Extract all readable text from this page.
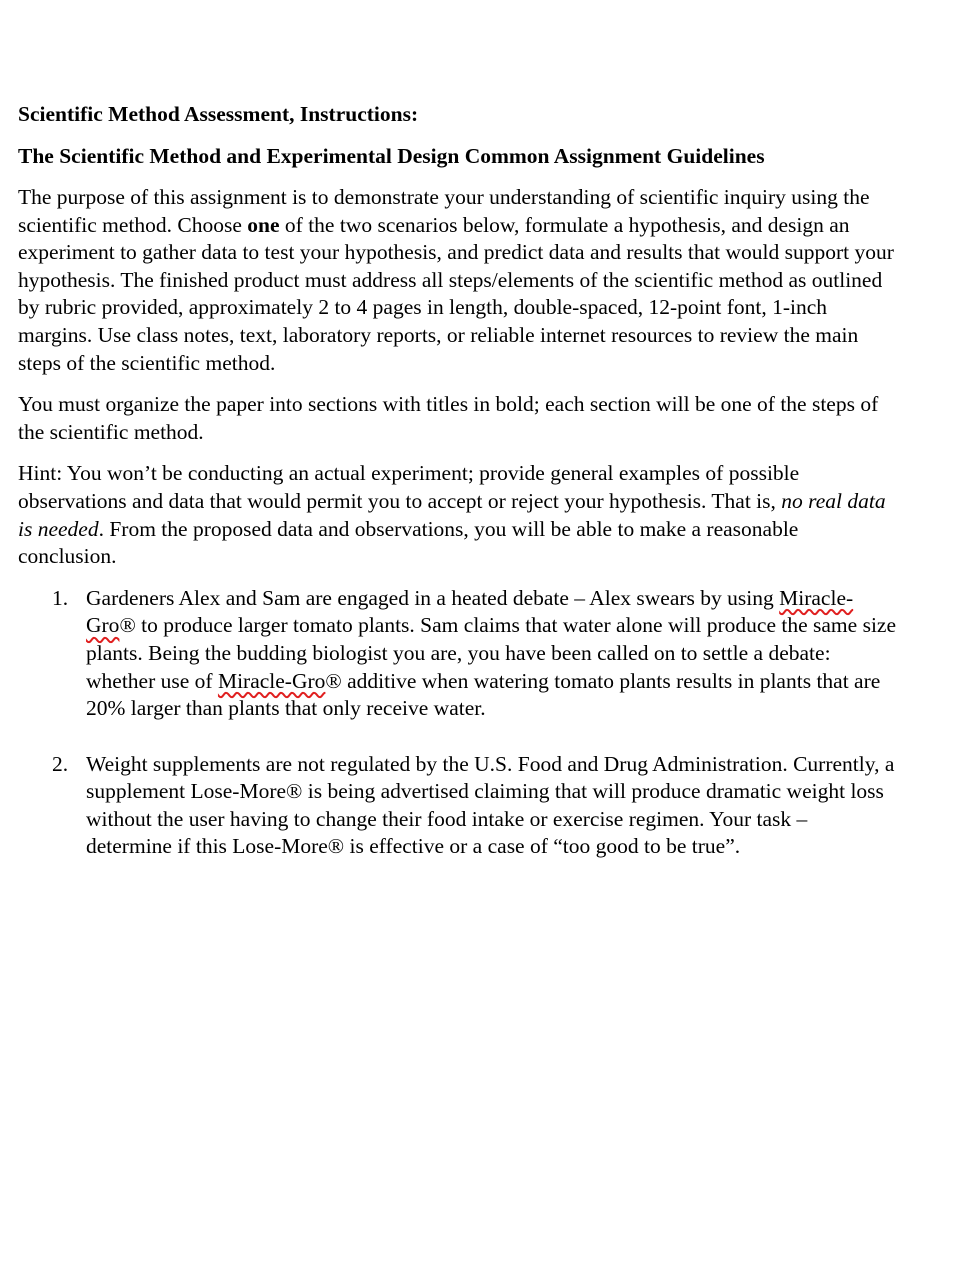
Scientific Method Assessment, Instructions:

The Scientific Method and Experimental Design Common Assignment Guidelines

The purpose of this assignment is to demonstrate your understanding of scientific inquiry using the scientific method. Choose one of the two scenarios below, formulate a hypothesis, and design an experiment to gather data to test your hypothesis, and predict data and results that would support your hypothesis. The finished product must address all steps/elements of the scientific method as outlined by rubric provided, approximately 2 to 4 pages in length, double-spaced, 12-point font, 1-inch margins. Use class notes, text, laboratory reports, or reliable internet resources to review the main steps of the scientific method.

You must organize the paper into sections with titles in bold; each section will be one of the steps of the scientific method.

Hint: You won’t be conducting an actual experiment; provide general examples of possible observations and data that would permit you to accept or reject your hypothesis. That is, no real data is needed. From the proposed data and observations, you will be able to make a reasonable conclusion.

1. Gardeners Alex and Sam are engaged in a heated debate – Alex swears by using Miracle-Gro® to produce larger tomato plants. Sam claims that water alone will produce the same size plants. Being the budding biologist you are, you have been called on to settle a debate: whether use of Miracle-Gro® additive when watering tomato plants results in plants that are 20% larger than plants that only receive water.
2. Weight supplements are not regulated by the U.S. Food and Drug Administration. Currently, a supplement Lose-More® is being advertised claiming that will produce dramatic weight loss without the user having to change their food intake or exercise regimen. Your task – determine if this Lose-More® is effective or a case of “too good to be true”.
